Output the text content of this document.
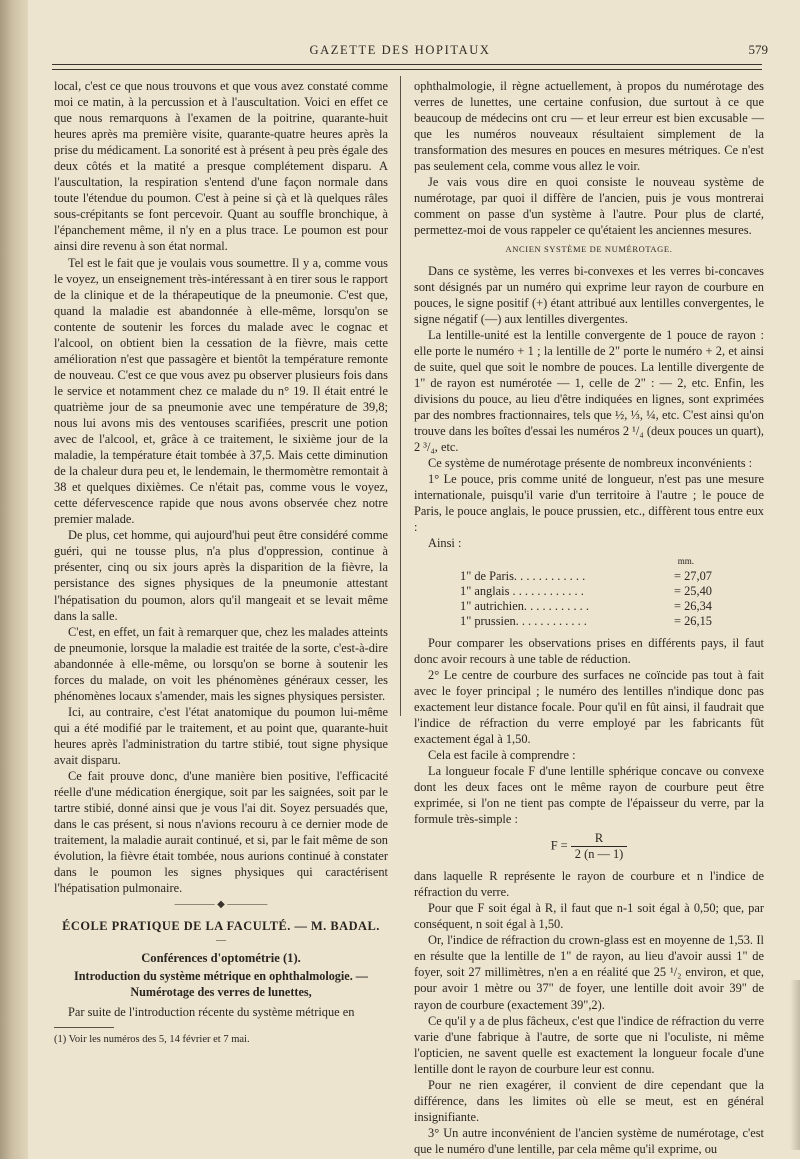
GAZETTE DES HOPITAUX	579

local, c'est ce que nous trouvons et que vous avez constaté comme moi ce matin, à la percussion et à l'auscultation. Voici en effet ce que nous remarquons à l'examen de la poitrine, quarante-huit heures après ma première visite, quarante-quatre heures après la prise du médicament. La sonorité est à présent à peu près égale des deux côtés et la matité a presque complétement disparu. A l'auscultation, la respiration s'entend d'une façon normale dans toute l'étendue du poumon. C'est à peine si çà et là quelques râles sous-crépitants se font percevoir. Quant au souffle bronchique, à l'épanchement même, il n'y en a plus trace. Le poumon est pour ainsi dire revenu à son état normal.

Tel est le fait que je voulais vous soumettre. Il y a, comme vous le voyez, un enseignement très-intéressant à en tirer sous le rapport de la clinique et de la thérapeutique de la pneumonie. C'est que, quand la maladie est abandonnée à elle-même, lorsqu'on se contente de soutenir les forces du malade avec le cognac et l'alcool, on obtient bien la cessation de la fièvre, mais cette amélioration n'est que passagère et bientôt la température remonte de nouveau. C'est ce que vous avez pu observer plusieurs fois dans le service et notamment chez ce malade du n° 19. Il était entré le quatrième jour de sa pneumonie avec une température de 39,8; nous lui avons mis des ventouses scarifiées, prescrit une potion avec de l'alcool, et, grâce à ce traitement, le sixième jour de la maladie, la température était tombée à 37,5. Mais cette diminution de la chaleur dura peu et, le lendemain, le thermomètre remontait à 38 et quelques dixièmes. Ce n'était pas, comme vous le voyez, cette défervescence rapide que nous avons observée chez notre premier malade.

De plus, cet homme, qui aujourd'hui peut être considéré comme guéri, qui ne tousse plus, n'a plus d'oppression, continue à présenter, cinq ou six jours après la disparition de la fièvre, la persistance des signes physiques de la pneumonie attestant l'hépatisation du poumon, alors qu'il mangeait et se levait même dans la salle.

C'est, en effet, un fait à remarquer que, chez les malades atteints de pneumonie, lorsque la maladie est traitée de la sorte, c'est-à-dire abandonnée à elle-même, ou lorsqu'on se borne à soutenir les forces du malade, on voit les phénomènes généraux cesser, les phénomènes locaux s'amender, mais les signes physiques persister.

Ici, au contraire, c'est l'état anatomique du poumon lui-même qui a été modifié par le traitement, et au point que, quarante-huit heures après l'administration du tartre stibié, tout signe physique avait disparu.

Ce fait prouve donc, d'une manière bien positive, l'efficacité réelle d'une médication énergique, soit par les saignées, soit par le tartre stibié, donné ainsi que je vous l'ai dit. Soyez persuadés que, dans le cas présent, si nous n'avions recouru à ce dernier mode de traitement, la maladie aurait continué, et si, par le fait même de son évolution, la fièvre était tombée, nous aurions continué à constater dans le poumon les signes physiques qui caractérisent l'hépatisation pulmonaire.

———— ◆ ————
ÉCOLE PRATIQUE DE LA FACULTÉ. — M. BADAL.
—
Conférences d'optométrie (1).
Introduction du système métrique en ophthalmologie. — Numérotage des verres de lunettes,

Par suite de l'introduction récente du système métrique en

(1) Voir les numéros des 5, 14 février et 7 mai.

ophthalmologie, il règne actuellement, à propos du numérotage des verres de lunettes, une certaine confusion, due surtout à ce que beaucoup de médecins ont cru — et leur erreur est bien excusable — que les numéros nouveaux résultaient simplement de la transformation des mesures en pouces en mesures métriques. Ce n'est pas seulement cela, comme vous allez le voir.

Je vais vous dire en quoi consiste le nouveau système de numérotage, par quoi il diffère de l'ancien, puis je vous montrerai comment on passe d'un système à l'autre. Pour plus de clarté, permettez-moi de vous rappeler ce qu'étaient les anciennes mesures.

ANCIEN SYSTÈME DE NUMÉROTAGE.

Dans ce système, les verres bi-convexes et les verres bi-concaves sont désignés par un numéro qui exprime leur rayon de courbure en pouces, le signe positif (+) étant attribué aux lentilles convergentes, le signe négatif (—) aux lentilles divergentes.

La lentille-unité est la lentille convergente de 1 pouce de rayon : elle porte le numéro + 1 ; la lentille de 2" porte le numéro + 2, et ainsi de suite, quel que soit le nombre de pouces. La lentille divergente de 1" de rayon est numérotée — 1, celle de 2" : — 2, etc. Enfin, les divisions du pouce, au lieu d'être indiquées en lignes, sont exprimées par des nombres fractionnaires, tels que ½, ⅓, ¼, etc. C'est ainsi qu'on trouve dans les boîtes d'essai les numéros 2 ¹/₄ (deux pouces un quart), 2 ³/₄, etc.

Ce système de numérotage présente de nombreux inconvénients :

1° Le pouce, pris comme unité de longueur, n'est pas une mesure internationale, puisqu'il varie d'un territoire à l'autre ; le pouce de Paris, le pouce anglais, le pouce prussien, etc., diffèrent tous entre eux :

Ainsi :

mm.
1" de Paris. . . . . . . . . . . .	= 27,07
1" anglais . . . . . . . . . . . .	= 25,40
1" autrichien. . . . . . . . . . .	= 26,34
1" prussien. . . . . . . . . . . .	= 26,15

Pour comparer les observations prises en différents pays, il faut donc avoir recours à une table de réduction.

2° Le centre de courbure des surfaces ne coïncide pas tout à fait avec le foyer principal ; le numéro des lentilles n'indique donc pas exactement leur distance focale. Pour qu'il en fût ainsi, il faudrait que l'indice de réfraction du verre employé par les fabricants fût exactement égal à 1,50.

Cela est facile à comprendre :

La longueur focale F d'une lentille sphérique concave ou convexe dont les deux faces ont le même rayon de courbure peut être exprimée, si l'on ne tient pas compte de l'épaisseur du verre, par la formule très-simple :

$F = \frac{R}{2 (n — 1)}$

dans laquelle R représente le rayon de courbure et n l'indice de réfraction du verre.

Pour que F soit égal à R, il faut que n-1 soit égal à 0,50; que, par conséquent, n soit égal à 1,50.

Or, l'indice de réfraction du crown-glass est en moyenne de 1,53. Il en résulte que la lentille de 1" de rayon, au lieu d'avoir aussi 1" de foyer, soit 27 millimètres, n'en a en réalité que 25 ¹/₂ environ, et que, pour avoir 1 mètre ou 37" de foyer, une lentille doit avoir 39" de rayon de courbure (exactement 39",2).

Ce qu'il y a de plus fâcheux, c'est que l'indice de réfraction du verre varie d'une fabrique à l'autre, de sorte que ni l'oculiste, ni même l'opticien, ne savent quelle est exactement la longueur focale d'une lentille dont le rayon de courbure leur est connu.

Pour ne rien exagérer, il convient de dire cependant que la différence, dans les limites où elle se meut, est en général insignifiante.

3° Un autre inconvénient de l'ancien système de numérotage, c'est que le numéro d'une lentille, par cela même qu'il exprime, ou
